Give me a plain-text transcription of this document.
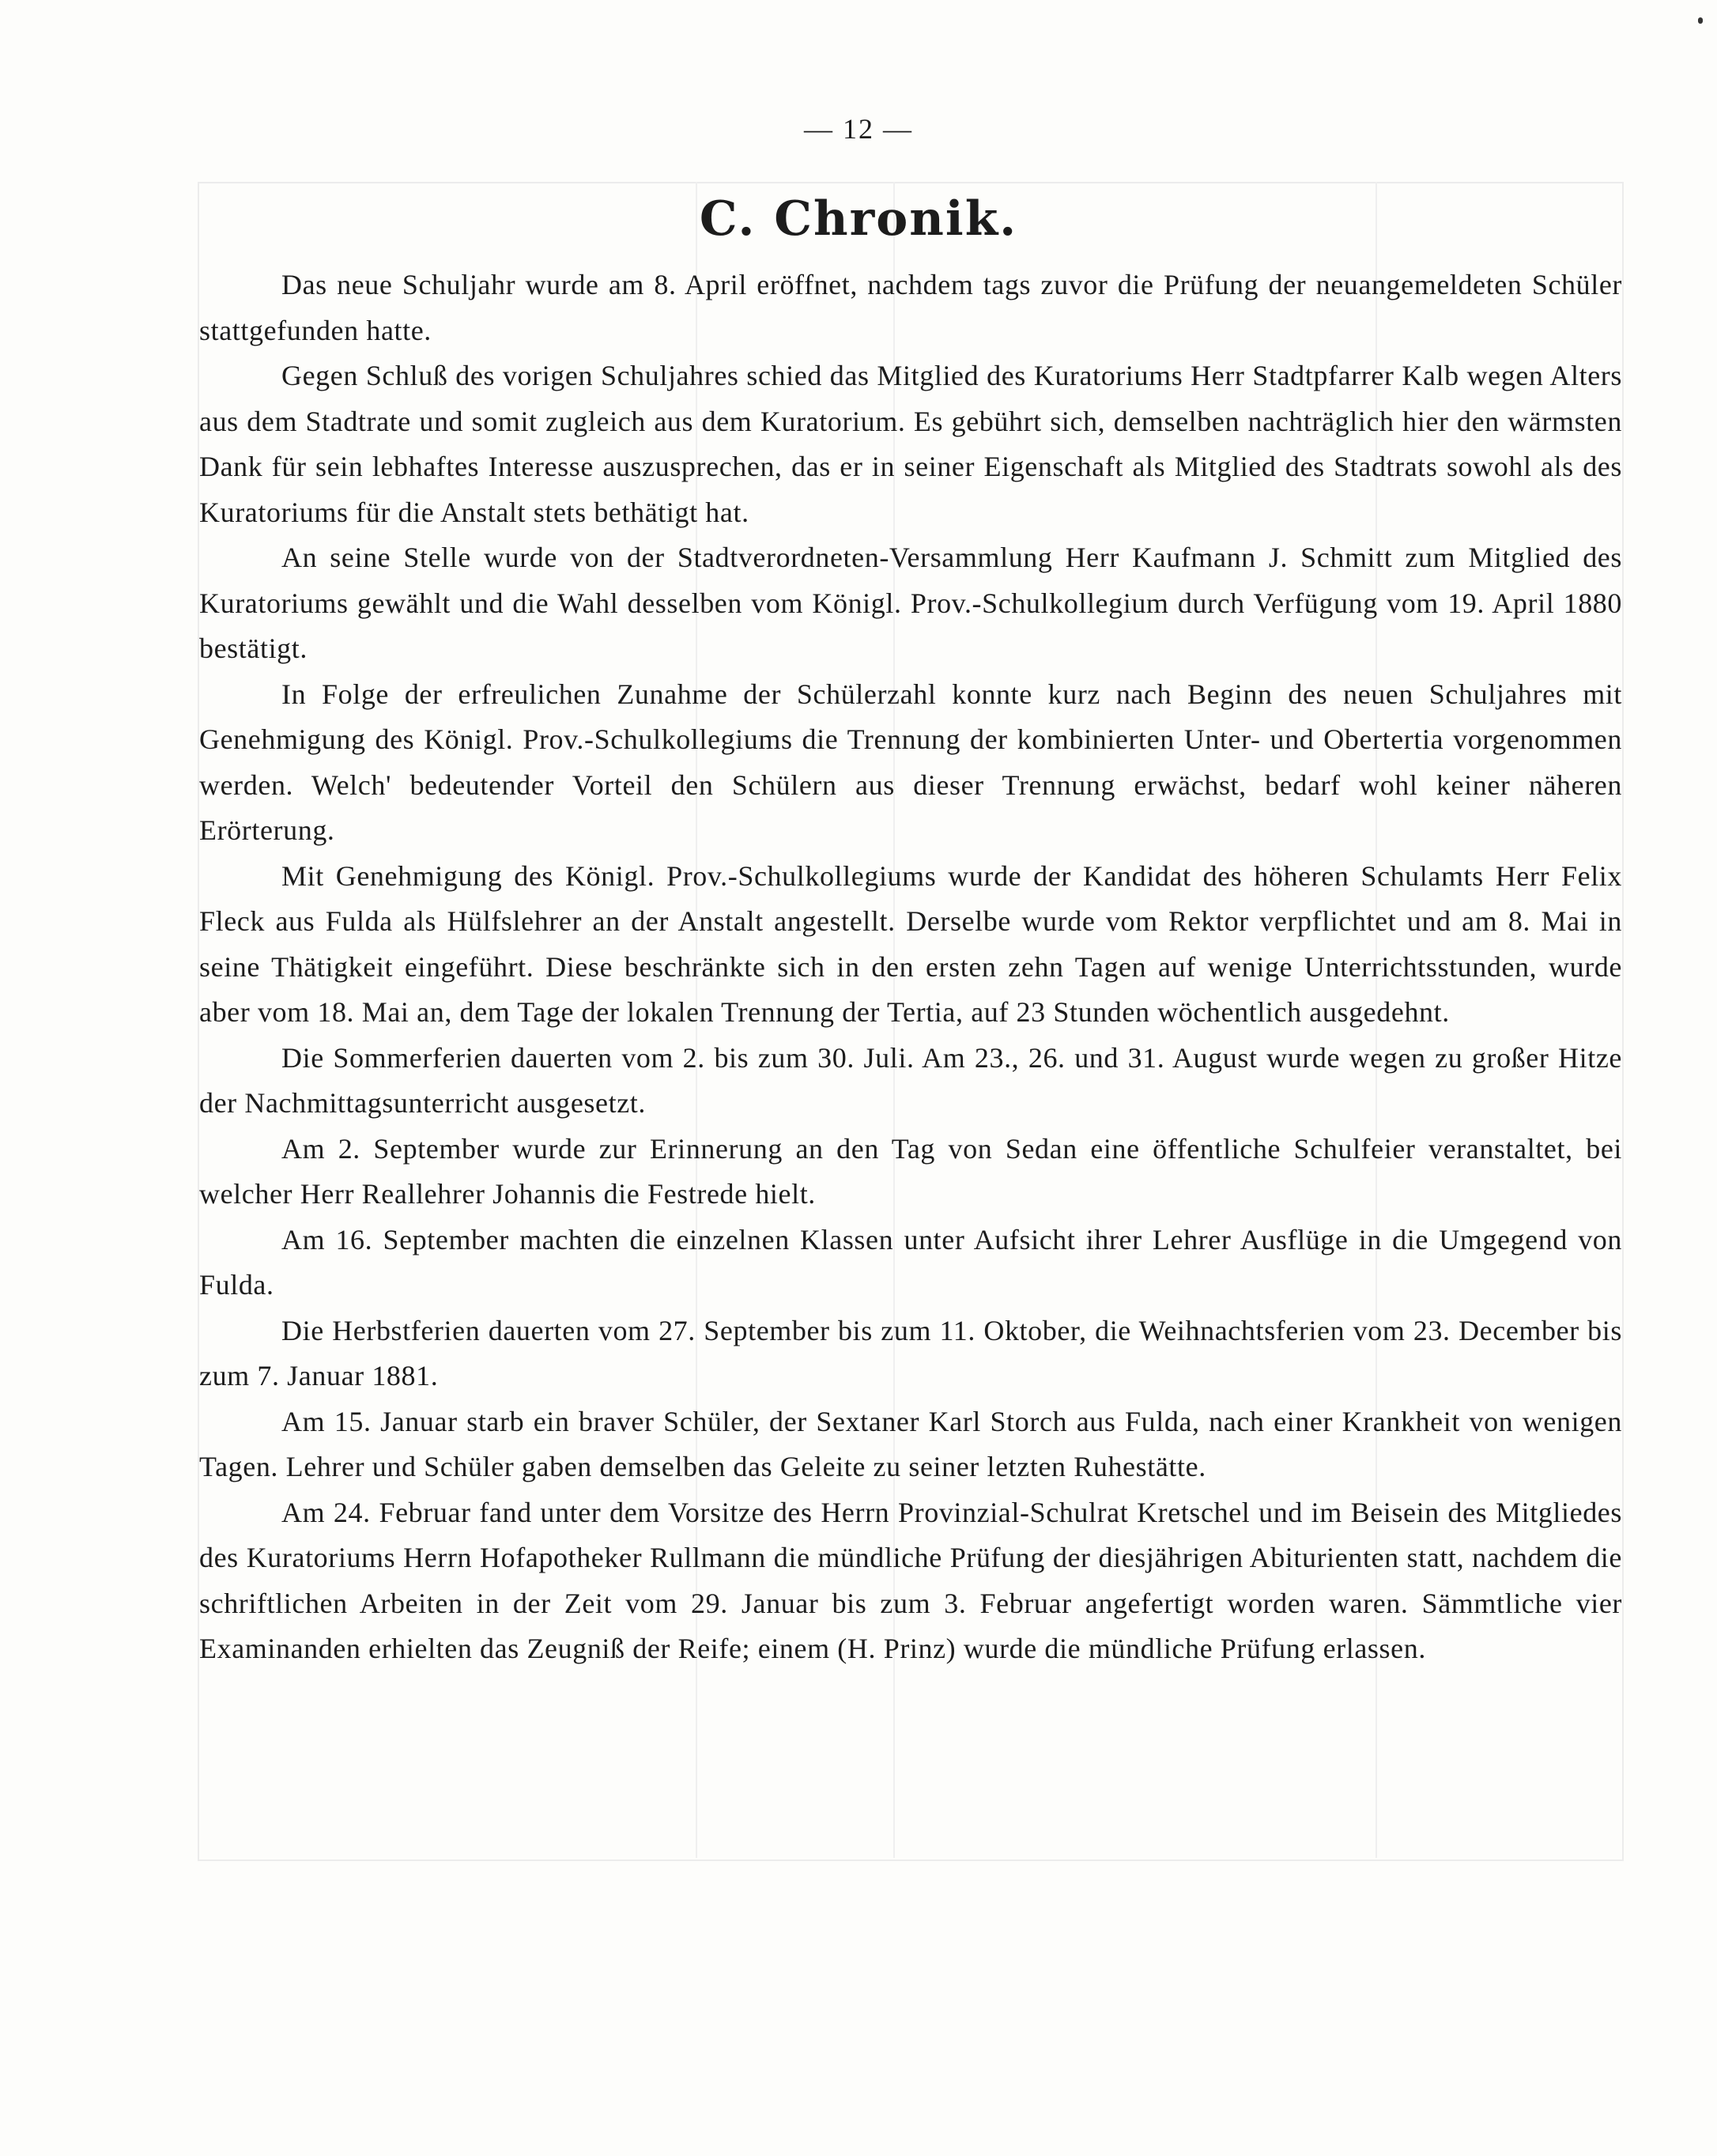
— 12 —
C. Chronik.

Das neue Schuljahr wurde am 8. April eröffnet, nachdem tags zuvor die Prüfung der neuangemeldeten Schüler stattgefunden hatte.

Gegen Schluß des vorigen Schuljahres schied das Mitglied des Kuratoriums Herr Stadtpfarrer Kalb wegen Alters aus dem Stadtrate und somit zugleich aus dem Kuratorium. Es gebührt sich, demselben nachträglich hier den wärmsten Dank für sein lebhaftes Interesse auszusprechen, das er in seiner Eigenschaft als Mitglied des Stadtrats sowohl als des Kuratoriums für die Anstalt stets bethätigt hat.

An seine Stelle wurde von der Stadtverordneten-Versammlung Herr Kaufmann J. Schmitt zum Mitglied des Kuratoriums gewählt und die Wahl desselben vom Königl. Prov.-Schulkollegium durch Verfügung vom 19. April 1880 bestätigt.

In Folge der erfreulichen Zunahme der Schülerzahl konnte kurz nach Beginn des neuen Schuljahres mit Genehmigung des Königl. Prov.-Schulkollegiums die Trennung der kombinierten Unter- und Obertertia vorgenommen werden. Welch' bedeutender Vorteil den Schülern aus dieser Trennung erwächst, bedarf wohl keiner näheren Erörterung.

Mit Genehmigung des Königl. Prov.-Schulkollegiums wurde der Kandidat des höheren Schulamts Herr Felix Fleck aus Fulda als Hülfslehrer an der Anstalt angestellt. Derselbe wurde vom Rektor verpflichtet und am 8. Mai in seine Thätigkeit eingeführt. Diese beschränkte sich in den ersten zehn Tagen auf wenige Unterrichtsstunden, wurde aber vom 18. Mai an, dem Tage der lokalen Trennung der Tertia, auf 23 Stunden wöchentlich ausgedehnt.

Die Sommerferien dauerten vom 2. bis zum 30. Juli. Am 23., 26. und 31. August wurde wegen zu großer Hitze der Nachmittagsunterricht ausgesetzt.

Am 2. September wurde zur Erinnerung an den Tag von Sedan eine öffentliche Schulfeier veranstaltet, bei welcher Herr Reallehrer Johannis die Festrede hielt.

Am 16. September machten die einzelnen Klassen unter Aufsicht ihrer Lehrer Ausflüge in die Umgegend von Fulda.

Die Herbstferien dauerten vom 27. September bis zum 11. Oktober, die Weihnachtsferien vom 23. December bis zum 7. Januar 1881.

Am 15. Januar starb ein braver Schüler, der Sextaner Karl Storch aus Fulda, nach einer Krankheit von wenigen Tagen. Lehrer und Schüler gaben demselben das Geleite zu seiner letzten Ruhestätte.

Am 24. Februar fand unter dem Vorsitze des Herrn Provinzial-Schulrat Kretschel und im Beisein des Mitgliedes des Kuratoriums Herrn Hofapotheker Rullmann die mündliche Prüfung der diesjährigen Abiturienten statt, nachdem die schriftlichen Arbeiten in der Zeit vom 29. Januar bis zum 3. Februar angefertigt worden waren. Sämmtliche vier Examinanden erhielten das Zeugniß der Reife; einem (H. Prinz) wurde die mündliche Prüfung erlassen.
